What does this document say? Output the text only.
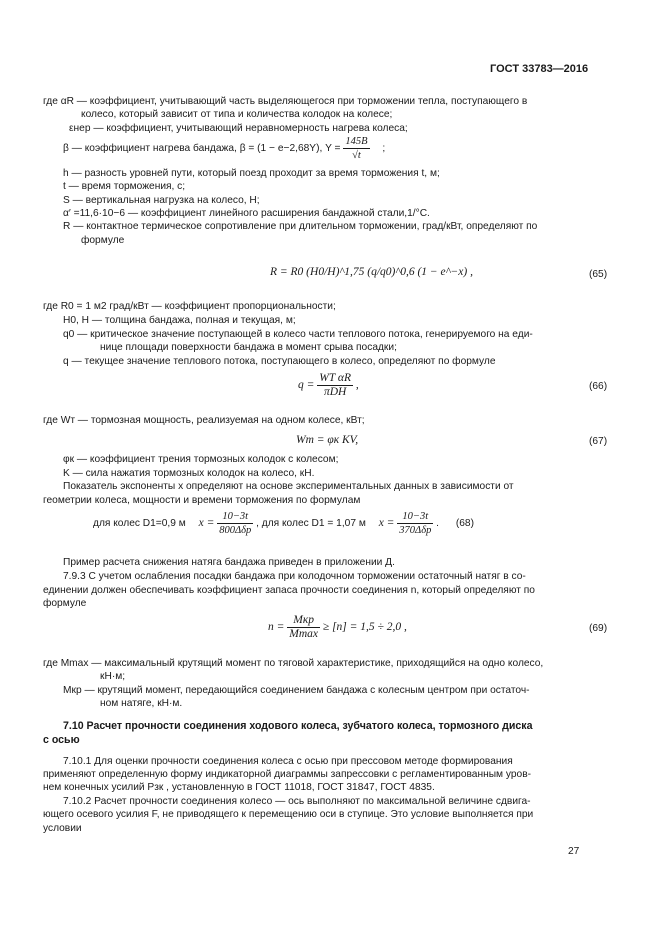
ГОСТ 33783—2016
где αR — коэффициент, учитывающий часть выделяющегося при торможении тепла, поступающего в
колесо, который зависит от типа и количества колодок на колесе;
εнер — коэффициент, учитывающий неравномерность нагрева колеса;
β — коэффициент нагрева бандажа, β = (1 − e−2,68Y), $Y = \frac{145B}{√t}$ ;
h — разность уровней пути, который поезд проходит за время торможения t, м;
t — время торможения, с;
S — вертикальная нагрузка на колесо, Н;
α′ =11,6·10−6 — коэффициент линейного расширения бандажной стали,1/°С.
R — контактное термическое сопротивление при длительном торможении, град/кВт, определяют по
формуле
R = R0 (H0/H)^1,75 (q/q0)^0,6 (1 − e^−x) ,	(65)
где R0 = 1 м2 град/кВт — коэффициент пропорциональности;
H0, H — толщина бандажа, полная и текущая, м;
q0 — критическое значение поступающей в колесо части теплового потока, генерируемого на еди-
нице площади поверхности бандажа в момент срыва посадки;
q — текущее значение теплового потока, поступающего в колесо, определяют по формуле
$q = \frac{\text{WT αR}}{\text{πDH}}$ ,	(66)
где Wт — тормозная мощность, реализуемая на одном колесе, кВт;
Wт = φк KV,	(67)
φк — коэффициент трения тормозных колодок с колесом;
K — сила нажатия тормозных колодок на колесо, кН.
Показатель экспоненты x определяют на основе экспериментальных данных в зависимости от
геометрии колеса, мощности и времени торможения по формулам
для колес D1=0,9 м $x = \frac{10-3t}{\text{800Δδp}}$ , для колес D1 = 1,07 м $x = \frac{10-3t}{\text{370Δδp}}$ . (68)
Пример расчета снижения натяга бандажа приведен в приложении Д.
7.9.3 С учетом ослабления посадки бандажа при колодочном торможении остаточный натяг в со-
единении должен обеспечивать коэффициент запаса прочности соединения n, который определяют по
формуле
$n = \frac{\text{Mкр}}{Mmax} \ge [n] = 1,5 \div 2,0$ ,	(69)
где Mmax — максимальный крутящий момент по тяговой характеристике, приходящийся на одно колесо,
кН·м;
Mкр — крутящий момент, передающийся соединением бандажа с колесным центром при остаточ-
ном натяге, кН·м.
7.10 Расчет прочности соединения ходового колеса, зубчатого колеса, тормозного диска
с осью
7.10.1 Для оценки прочности соединения колеса с осью при прессовом методе формирования
применяют определенную форму индикаторной диаграммы запрессовки с регламентированным уров-
нем конечных усилий Pзк , установленную в ГОСТ 11018, ГОСТ 31847, ГОСТ 4835.
7.10.2 Расчет прочности соединения колесо — ось выполняют по максимальной величине сдвига-
ющего осевого усилия F, не приводящего к перемещению оси в ступице. Это условие выполняется при
условии
27
